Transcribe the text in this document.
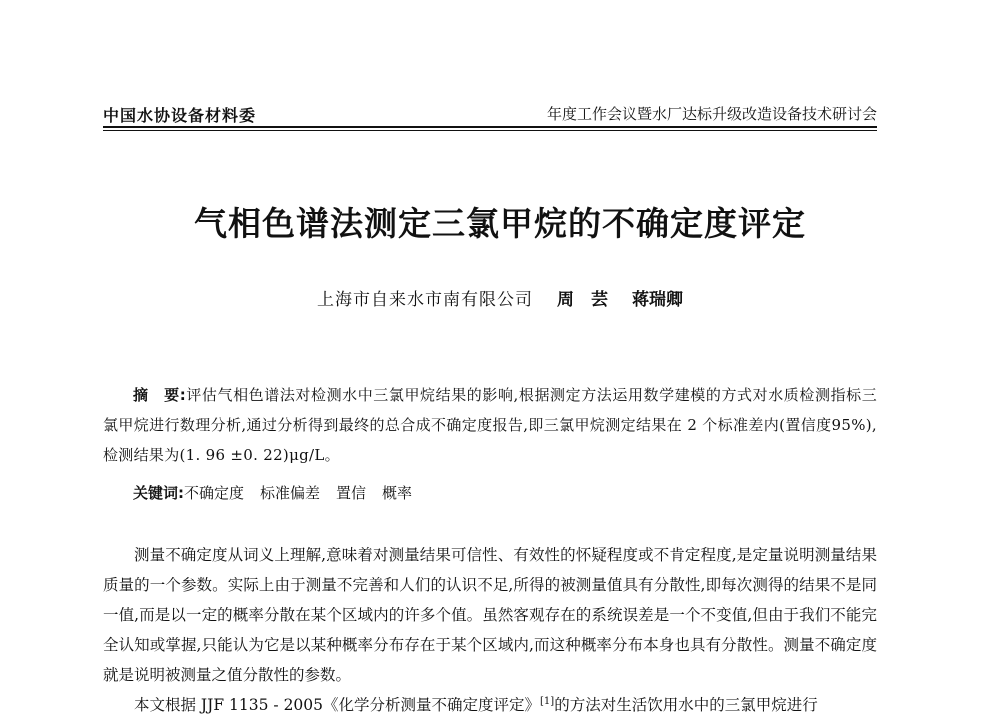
中国水协设备材料委	年度工作会议暨水厂达标升级改造设备技术研讨会
气相色谱法测定三氯甲烷的不确定度评定
上海市自来水市南有限公司 周　芸 蒋瑞卿

摘　要:评估气相色谱法对检测水中三氯甲烷结果的影响,根据测定方法运用数学建模的方式对水质检测指标三氯甲烷进行数理分析,通过分析得到最终的总合成不确定度报告,即三氯甲烷测定结果在 2 个标准差内(置信度95%),检测结果为(1. 96 ±0. 22)μg/L。

关键词:不确定度 标准偏差 置信 概率

测量不确定度从词义上理解,意味着对测量结果可信性、有效性的怀疑程度或不肯定程度,是定量说明测量结果质量的一个参数。实际上由于测量不完善和人们的认识不足,所得的被测量值具有分散性,即每次测得的结果不是同一值,而是以一定的概率分散在某个区域内的许多个值。虽然客观存在的系统误差是一个不变值,但由于我们不能完全认知或掌握,只能认为它是以某种概率分布存在于某个区域内,而这种概率分布本身也具有分散性。测量不确定度就是说明被测量之值分散性的参数。

本文根据 JJF 1135 - 2005《化学分析测量不确定度评定》[1]的方法对生活饮用水中的三氯甲烷进行
